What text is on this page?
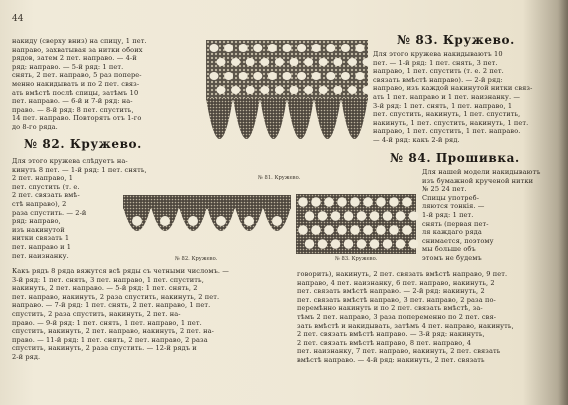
44
накиду (сверху вниз) на спицу, 1 пет.
направо, захватывая за нитки обоих
рядов, затем 2 пет. направо. — 4-й
ряд: направо. — 5-й ряд: 1 пет.
снять, 2 пет. направо, 5 раз попере-
менно накидывать и по 2 пет. связ-
ать вмѣстѣ послѣ спицы, затѣмъ 10
пет. направо. — 6-й и 7-й ряд: на-
право. — 8-й ряд: 8 пет. спустить,
14 пет. направо. Повторять отъ 1-го
до 8-го ряда.
№ 82. Кружево.
Для этого кружева слѣдуетъ на-
кинуть 8 пет. — 1-й ряд: 1 пет. снять,
2 пет. направо, 1
пет. спустить (т. е.
2 пет. связать вмѣ-
стѣ направо), 2
раза спустить. — 2-й
ряд: направо,
изъ накинутой
нитки связать 1
пет. направо и 1
пет. наизнанку.
Какъ рядъ 8 ряда вяжутся всѣ ряды съ четными числомъ. —
3-й ряд: 1 пет. снять, 3 пет. направо, 1 пет. спустить,
накинуть, 2 пет. направо. — 5-й ряд: 1 пет. снять, 2
пет. направо, накинуть, 2 раза спустить, накинуть, 2 пет.
направо. — 7-й ряд: 1 пет. снять, 2 пет. направо, 1 пет.
спустить, 2 раза спустить, накинуть, 2 пет. на-
право. — 9-й ряд: 1 пет. снять, 1 пет. направо, 1 пет.
спустить, накинуть, 2 пет. направо, накинуть, 2 пет. на-
право. — 11-й ряд: 1 пет. снять, 2 пет. направо, 2 раза
спустить, накинуть, 2 раза спустить. — 12-й рядъ и
2-й ряд.
№ 81. Кружево.
№ 82. Кружево.	№ 83. Кружево.
№ 83. Кружево.
Для этого кружева накидываютъ 10
пет. — 1-й ряд: 1 пет. снять, 3 пет.
направо, 1 пет. спустить (т. е. 2 пет.
связать вмѣстѣ направо). — 2-й ряд:
направо, изъ каждой накинутой нитки связ-
ать 1 пет. направо и 1 пет. наизнанку. —
3-й ряд: 1 пет. снять, 1 пет. направо, 1
пет. спустить, накинуть, 1 пет. спустить,
накинуть, 1 пет. спустить, накинуть, 1 пет.
направо, 1 пет. спустить, 1 пет. направо.
— 4-й ряд: какъ 2-й ряд.
№ 84. Прошивка.
Для нашей модели накидываютъ
изъ бумажной крученой нитки
№ 25 24 пет.
Спицы употреб-
ляются тонкія. —
1-й ряд: 1 пет.
снять (первая пет-
ля каждаго ряда
снимается, поэтому
мы больше объ
этомъ не будемъ
говорить), накинуть, 2 пет. связать вмѣстѣ направо, 9 пет.
направо, 4 пет. наизнанку, 6 пет. направо, накинуть, 2
пет. связать вмѣстѣ направо. — 2-й ряд: накинуть, 2
пет. связать вмѣстѣ направо, 3 пет. направо, 2 раза по-
перемѣнно накинуть и по 2 пет. связать вмѣстѣ, за-
тѣмъ 2 пет. направо, 3 раза попеременно по 2 пет. свя-
зать вмѣстѣ и накидывать, затѣмъ 4 пет. направо, накинуть,
2 пет. связать вмѣстѣ направо. — 3-й ряд: накинуть,
2 пет. связать вмѣстѣ направо, 8 пет. направо, 4
пет. наизнанку, 7 пет. направо, накинуть, 2 пет. связать
вмѣстѣ направо. — 4-й ряд: накинуть, 2 пет. связать
